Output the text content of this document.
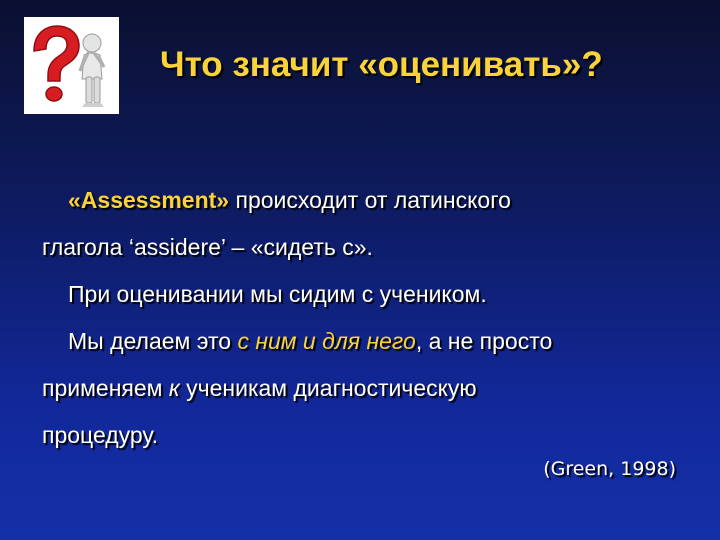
Что значит «оценивать»?
«Assessment» происходит от латинского
глагола ‘assidere’ – «сидеть с».
При оценивании мы сидим с учеником.
Мы делаем это с ним и для него, а не просто
применяем к ученикам диагностическую
процедуру.
(Green, 1998)
